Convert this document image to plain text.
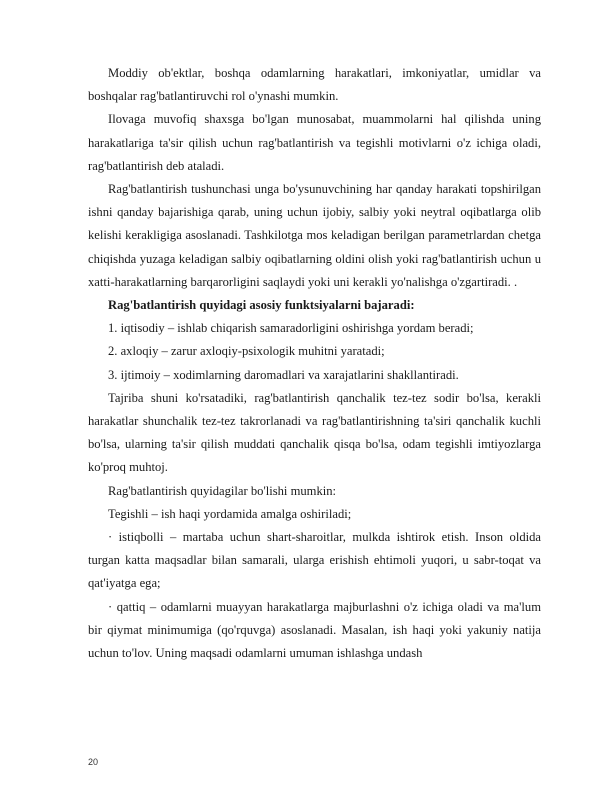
Moddiy ob'ektlar, boshqa odamlarning harakatlari, imkoniyatlar, umidlar va boshqalar rag'batlantiruvchi rol o'ynashi mumkin.

Ilovaga muvofiq shaxsga bo'lgan munosabat, muammolarni hal qilishda uning harakatlariga ta'sir qilish uchun rag'batlantirish va tegishli motivlarni o'z ichiga oladi, rag'batlantirish deb ataladi.

Rag'batlantirish tushunchasi unga bo'ysunuvchining har qanday harakati topshirilgan ishni qanday bajarishiga qarab, uning uchun ijobiy, salbiy yoki neytral oqibatlarga olib kelishi kerakligiga asoslanadi. Tashkilotga mos keladigan berilgan parametrlardan chetga chiqishda yuzaga keladigan salbiy oqibatlarning oldini olish yoki rag'batlantirish uchun u xatti-harakatlarning barqarorligini saqlaydi yoki uni kerakli yo'nalishga o'zgartiradi. .

Rag'batlantirish quyidagi asosiy funktsiyalarni bajaradi:

1. iqtisodiy – ishlab chiqarish samaradorligini oshirishga yordam beradi;

2. axloqiy – zarur axloqiy-psixologik muhitni yaratadi;

3. ijtimoiy – xodimlarning daromadlari va xarajatlarini shakllantiradi.

Tajriba shuni ko'rsatadiki, rag'batlantirish qanchalik tez-tez sodir bo'lsa, kerakli harakatlar shunchalik tez-tez takrorlanadi va rag'batlantirishning ta'siri qanchalik kuchli bo'lsa, ularning ta'sir qilish muddati qanchalik qisqa bo'lsa, odam tegishli imtiyozlarga ko'proq muhtoj.

Rag'batlantirish quyidagilar bo'lishi mumkin:

Tegishli – ish haqi yordamida amalga oshiriladi;

· istiqbolli – martaba uchun shart-sharoitlar, mulkda ishtirok etish. Inson oldida turgan katta maqsadlar bilan samarali, ularga erishish ehtimoli yuqori, u sabr-toqat va qat'iyatga ega;

· qattiq – odamlarni muayyan harakatlarga majburlashni o'z ichiga oladi va ma'lum bir qiymat minimumiga (qo'rquvga) asoslanadi. Masalan, ish haqi yoki yakuniy natija uchun to'lov. Uning maqsadi odamlarni umuman ishlashga undash

20
